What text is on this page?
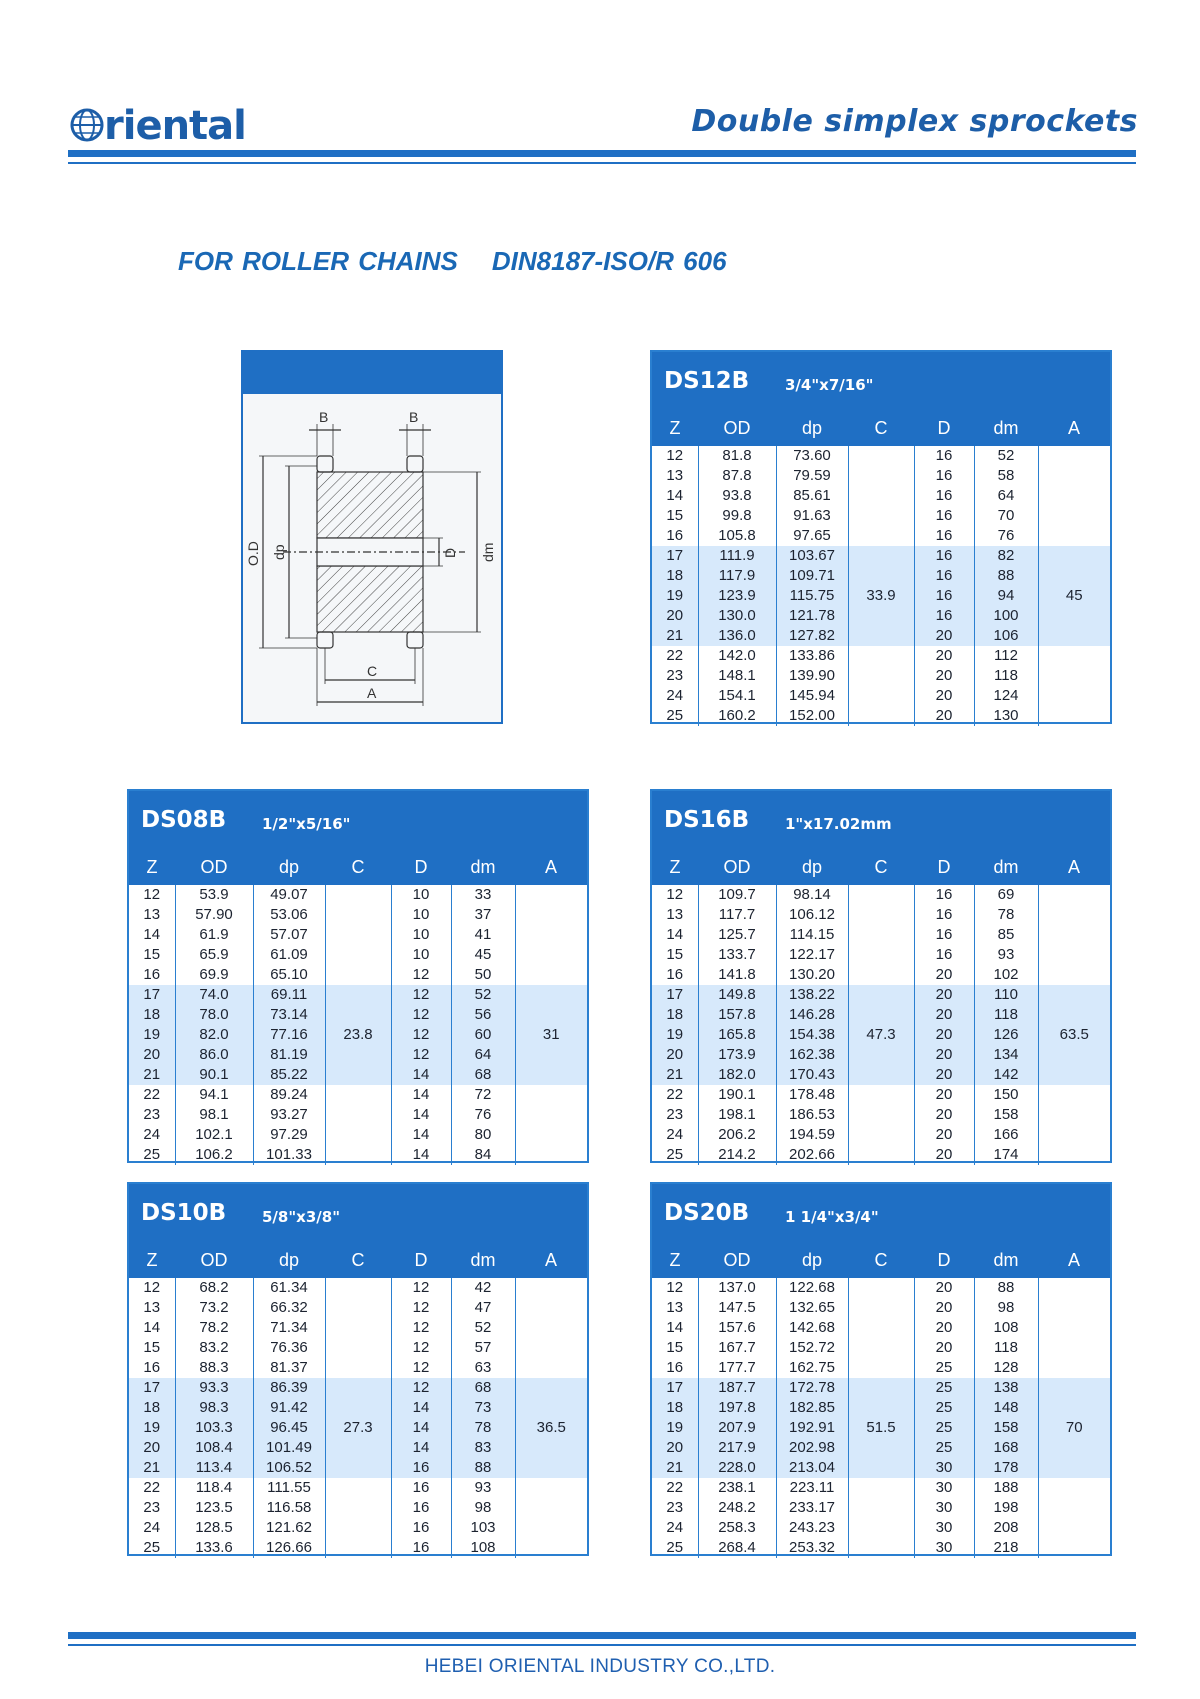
riental	Double simplex sprockets
FOR ROLLER CHAINS DIN8187-ISO/R 606
B	B
C
A
O.D dp	D dm
DS12B 3/4"x7/16"
Z	OD	dp	C	D	dm	A
12	81.8	73.60		16	52	
13	87.8	79.59		16	58	
14	93.8	85.61		16	64	
15	99.8	91.63		16	70	
16	105.8	97.65		16	76	
17	111.9	103.67	33.9	16	82	45
18	117.9	109.71		16	88	
19	123.9	115.75		16	94	
20	130.0	121.78		16	100	
21	136.0	127.82		20	106	
22	142.0	133.86		20	112	
23	148.1	139.90		20	118	
24	154.1	145.94		20	124	
25	160.2	152.00		20	130	
DS08B 1/2"x5/16"
Z	OD	dp	C	D	dm	A
12	53.9	49.07		10	33	
13	57.90	53.06		10	37	
14	61.9	57.07		10	41	
15	65.9	61.09		10	45	
16	69.9	65.10		12	50	
17	74.0	69.11	23.8	12	52	31
18	78.0	73.14		12	56	
19	82.0	77.16		12	60	
20	86.0	81.19		12	64	
21	90.1	85.22		14	68	
22	94.1	89.24		14	72	
23	98.1	93.27		14	76	
24	102.1	97.29		14	80	
25	106.2	101.33		14	84	
DS16B 1"x17.02mm
Z	OD	dp	C	D	dm	A
12	109.7	98.14		16	69	
13	117.7	106.12		16	78	
14	125.7	114.15		16	85	
15	133.7	122.17		16	93	
16	141.8	130.20		20	102	
17	149.8	138.22	47.3	20	110	63.5
18	157.8	146.28		20	118	
19	165.8	154.38		20	126	
20	173.9	162.38		20	134	
21	182.0	170.43		20	142	
22	190.1	178.48		20	150	
23	198.1	186.53		20	158	
24	206.2	194.59		20	166	
25	214.2	202.66		20	174	
DS10B 5/8"x3/8"
Z	OD	dp	C	D	dm	A
12	68.2	61.34		12	42	
13	73.2	66.32		12	47	
14	78.2	71.34		12	52	
15	83.2	76.36		12	57	
16	88.3	81.37		12	63	
17	93.3	86.39	27.3	12	68	36.5
18	98.3	91.42		14	73	
19	103.3	96.45		14	78	
20	108.4	101.49		14	83	
21	113.4	106.52		16	88	
22	118.4	111.55		16	93	
23	123.5	116.58		16	98	
24	128.5	121.62		16	103	
25	133.6	126.66		16	108	
DS20B 1 1/4"x3/4"
Z	OD	dp	C	D	dm	A
12	137.0	122.68		20	88	
13	147.5	132.65		20	98	
14	157.6	142.68		20	108	
15	167.7	152.72		20	118	
16	177.7	162.75		25	128	
17	187.7	172.78	51.5	25	138	70
18	197.8	182.85		25	148	
19	207.9	192.91		25	158	
20	217.9	202.98		25	168	
21	228.0	213.04		30	178	
22	238.1	223.11		30	188	
23	248.2	233.17		30	198	
24	258.3	243.23		30	208	
25	268.4	253.32		30	218	
HEBEI ORIENTAL INDUSTRY CO.,LTD.
